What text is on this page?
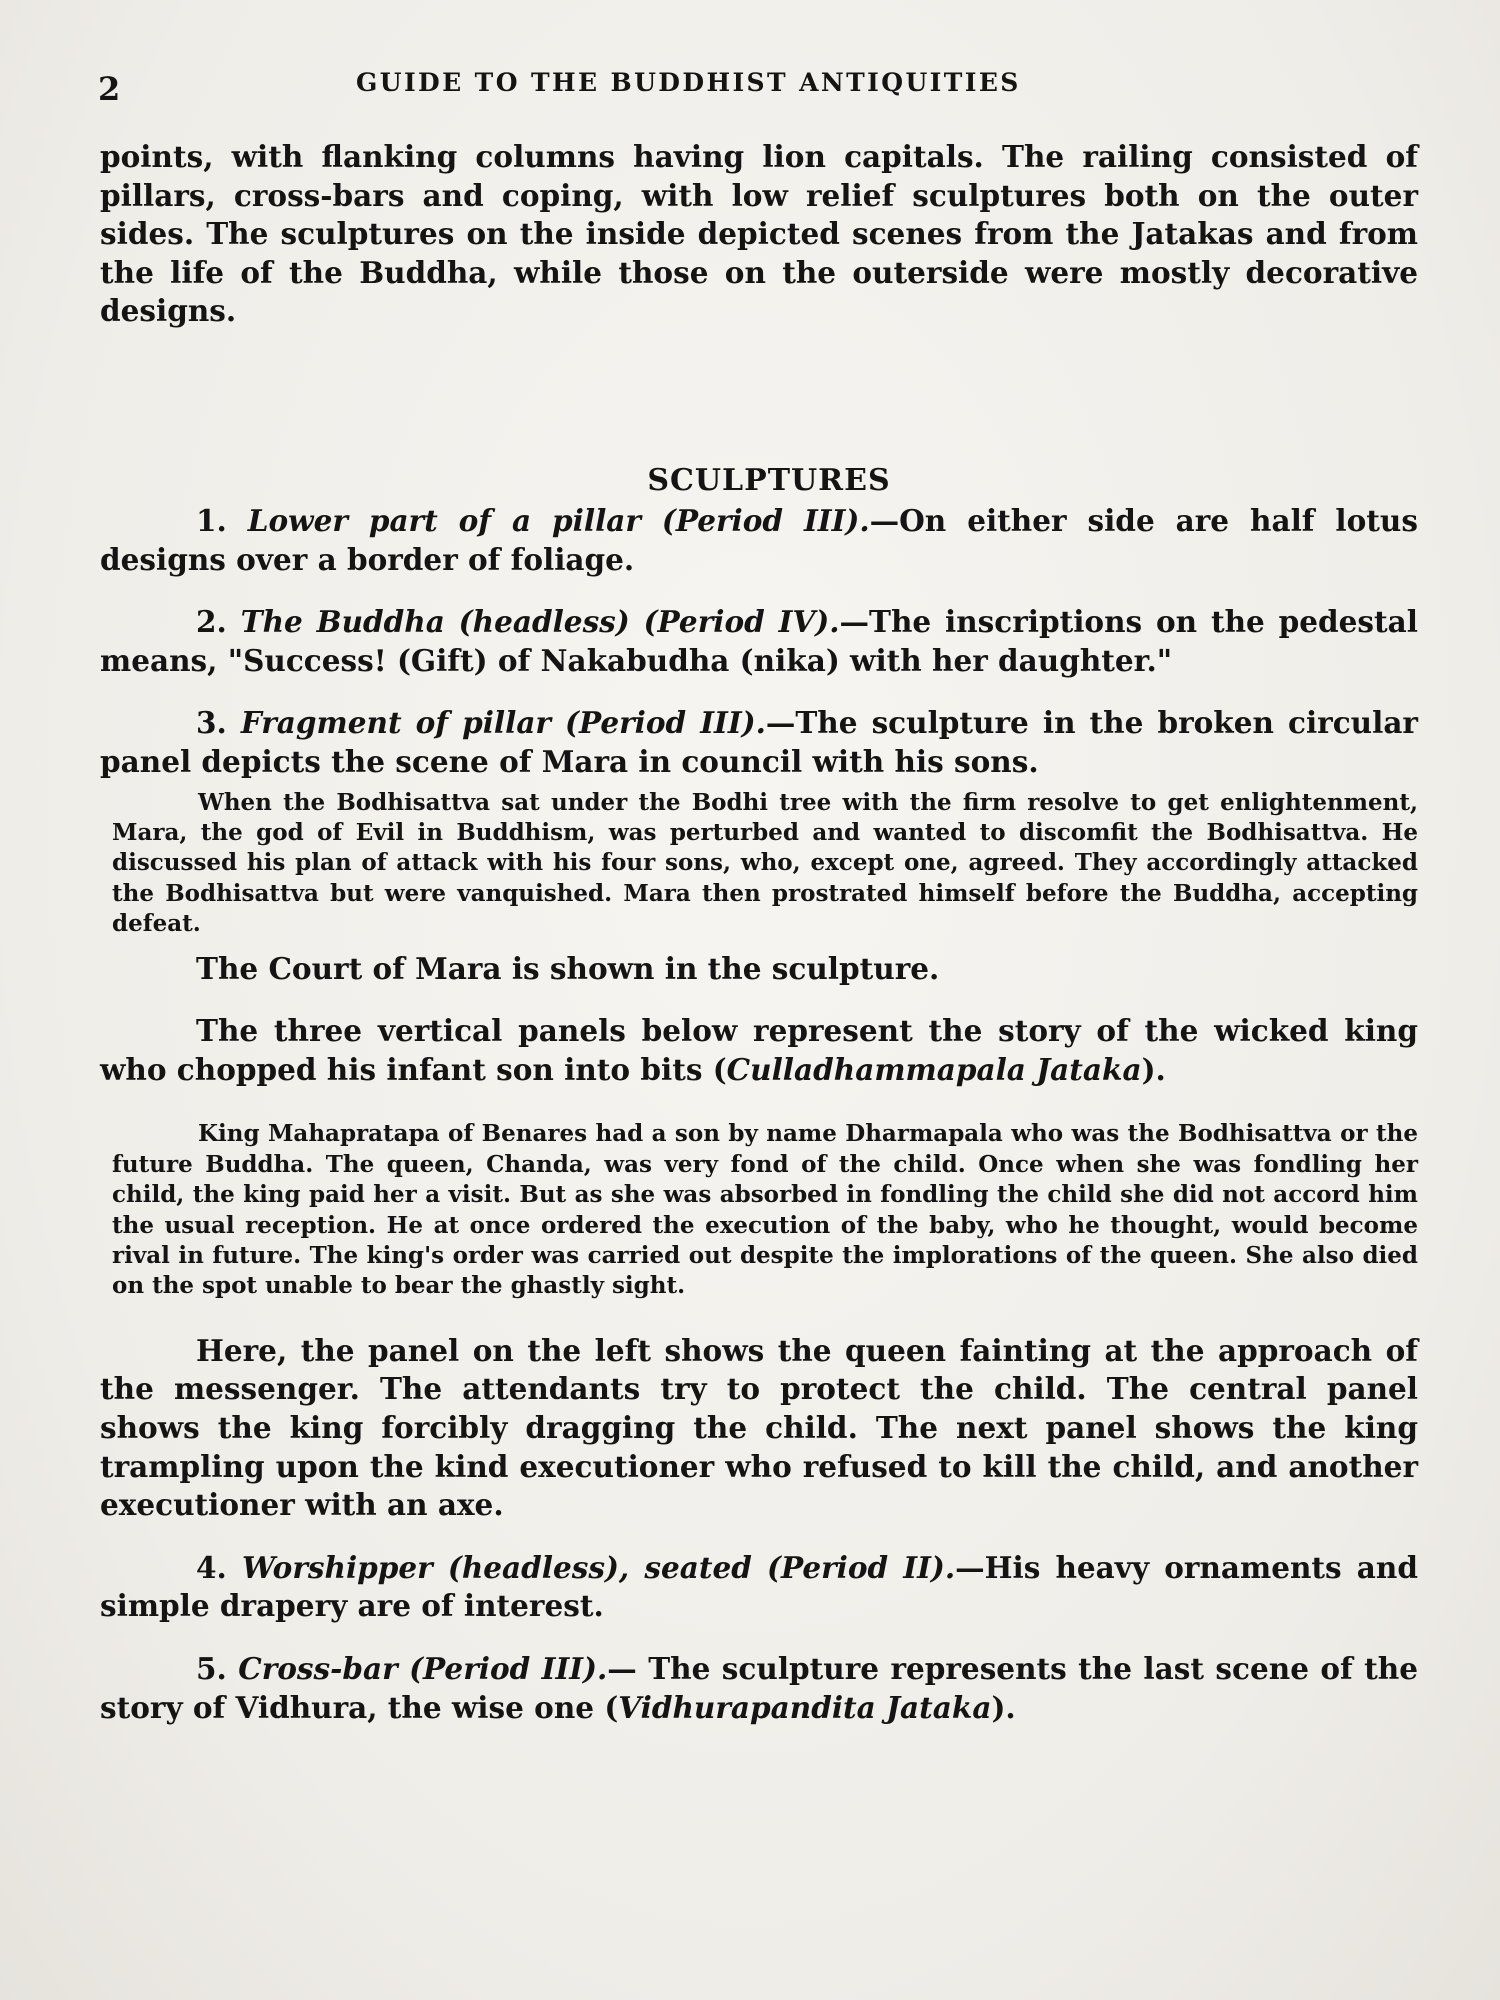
2	GUIDE TO THE BUDDHIST ANTIQUITIES

points, with flanking columns having lion capitals. The railing consisted of pillars, cross-bars and coping, with low relief sculptures both on the outer sides. The sculptures on the inside depicted scenes from the Jatakas and from the life of the Buddha, while those on the outerside were mostly decorative designs.

SCULPTURES

1. Lower part of a pillar (Period III).—On either side are half lotus designs over a border of foliage.

2. The Buddha (headless) (Period IV).—The inscriptions on the pedestal means, "Success! (Gift) of Nakabudha (nika) with her daughter."

3. Fragment of pillar (Period III).—The sculpture in the broken circular panel depicts the scene of Mara in council with his sons.

When the Bodhisattva sat under the Bodhi tree with the firm resolve to get enlightenment, Mara, the god of Evil in Buddhism, was perturbed and wanted to discomfit the Bodhisattva. He discussed his plan of attack with his four sons, who, except one, agreed. They accordingly attacked the Bodhisattva but were vanquished. Mara then prostrated himself before the Buddha, accepting defeat.

The Court of Mara is shown in the sculpture.

The three vertical panels below represent the story of the wicked king who chopped his infant son into bits (Culladhammapala Jataka).

King Mahapratapa of Benares had a son by name Dharmapala who was the Bodhisattva or the future Buddha. The queen, Chanda, was very fond of the child. Once when she was fondling her child, the king paid her a visit. But as she was absorbed in fondling the child she did not accord him the usual reception. He at once ordered the execution of the baby, who he thought, would become rival in future. The king's order was carried out despite the implorations of the queen. She also died on the spot unable to bear the ghastly sight.

Here, the panel on the left shows the queen fainting at the approach of the messenger. The attendants try to protect the child. The central panel shows the king forcibly dragging the child. The next panel shows the king trampling upon the kind executioner who refused to kill the child, and another executioner with an axe.

4. Worshipper (headless), seated (Period II).—His heavy ornaments and simple drapery are of interest.

5. Cross-bar (Period III).— The sculpture represents the last scene of the story of Vidhura, the wise one (Vidhurapandita Jataka).
